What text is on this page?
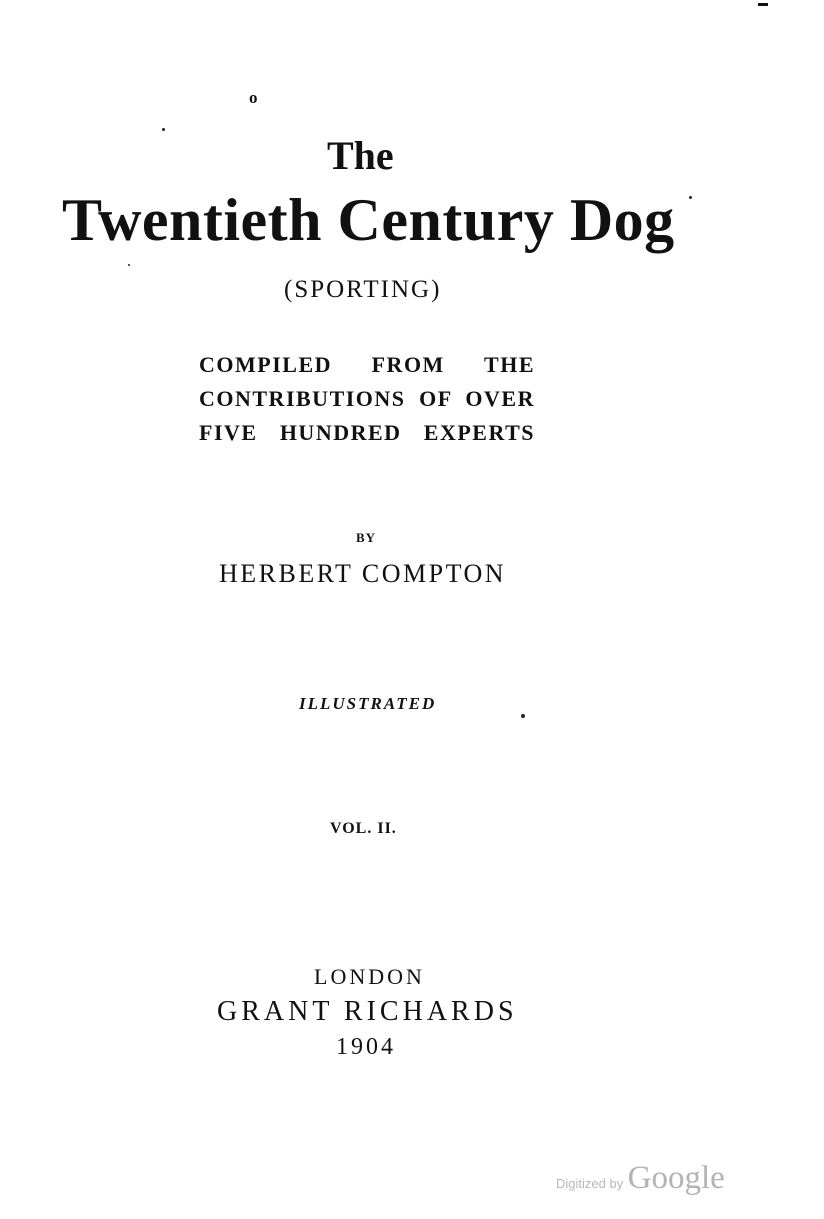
o
The
Twentieth Century Dog
(SPORTING)
COMPILED FROM THE
CONTRIBUTIONS OF OVER
FIVE HUNDRED EXPERTS
BY
HERBERT COMPTON
ILLUSTRATED
VOL. II.
LONDON
GRANT RICHARDS
1904
Digitized by Google
